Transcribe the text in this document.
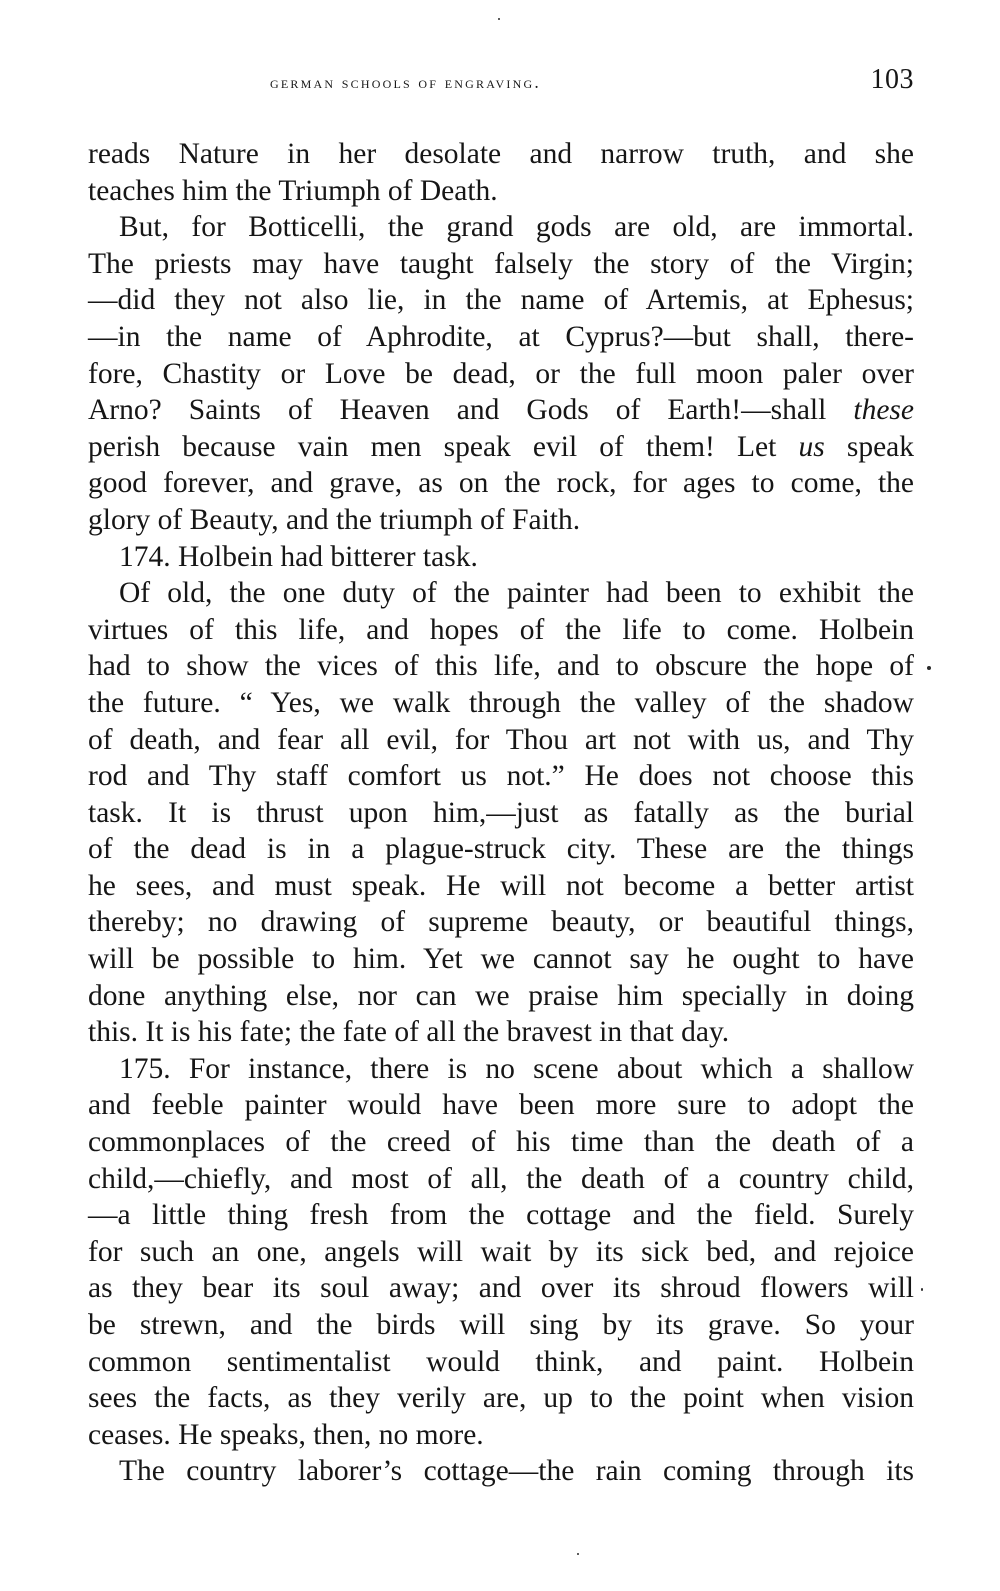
german schools of engraving.	103
reads Nature in her desolate and narrow truth, and she
teaches him the Triumph of Death.
But, for Botticelli, the grand gods are old, are immortal.
The priests may have taught falsely the story of the Virgin;
—did they not also lie, in the name of Artemis, at Ephesus;
—in the name of Aphrodite, at Cyprus?—but shall, there-
fore, Chastity or Love be dead, or the full moon paler over
Arno? Saints of Heaven and Gods of Earth!—shall these
perish because vain men speak evil of them! Let us speak
good forever, and grave, as on the rock, for ages to come, the
glory of Beauty, and the triumph of Faith.
174. Holbein had bitterer task.
Of old, the one duty of the painter had been to exhibit the
virtues of this life, and hopes of the life to come. Holbein
had to show the vices of this life, and to obscure the hope of
the future. “ Yes, we walk through the valley of the shadow
of death, and fear all evil, for Thou art not with us, and Thy
rod and Thy staff comfort us not.” He does not choose this
task. It is thrust upon him,—just as fatally as the burial
of the dead is in a plague-struck city. These are the things
he sees, and must speak. He will not become a better artist
thereby; no drawing of supreme beauty, or beautiful things,
will be possible to him. Yet we cannot say he ought to have
done anything else, nor can we praise him specially in doing
this. It is his fate; the fate of all the bravest in that day.
175. For instance, there is no scene about which a shallow
and feeble painter would have been more sure to adopt the
commonplaces of the creed of his time than the death of a
child,—chiefly, and most of all, the death of a country child,
—a little thing fresh from the cottage and the field. Surely
for such an one, angels will wait by its sick bed, and rejoice
as they bear its soul away; and over its shroud flowers will
be strewn, and the birds will sing by its grave. So your
common sentimentalist would think, and paint. Holbein
sees the facts, as they verily are, up to the point when vision
ceases. He speaks, then, no more.
The country laborer’s cottage—the rain coming through its
